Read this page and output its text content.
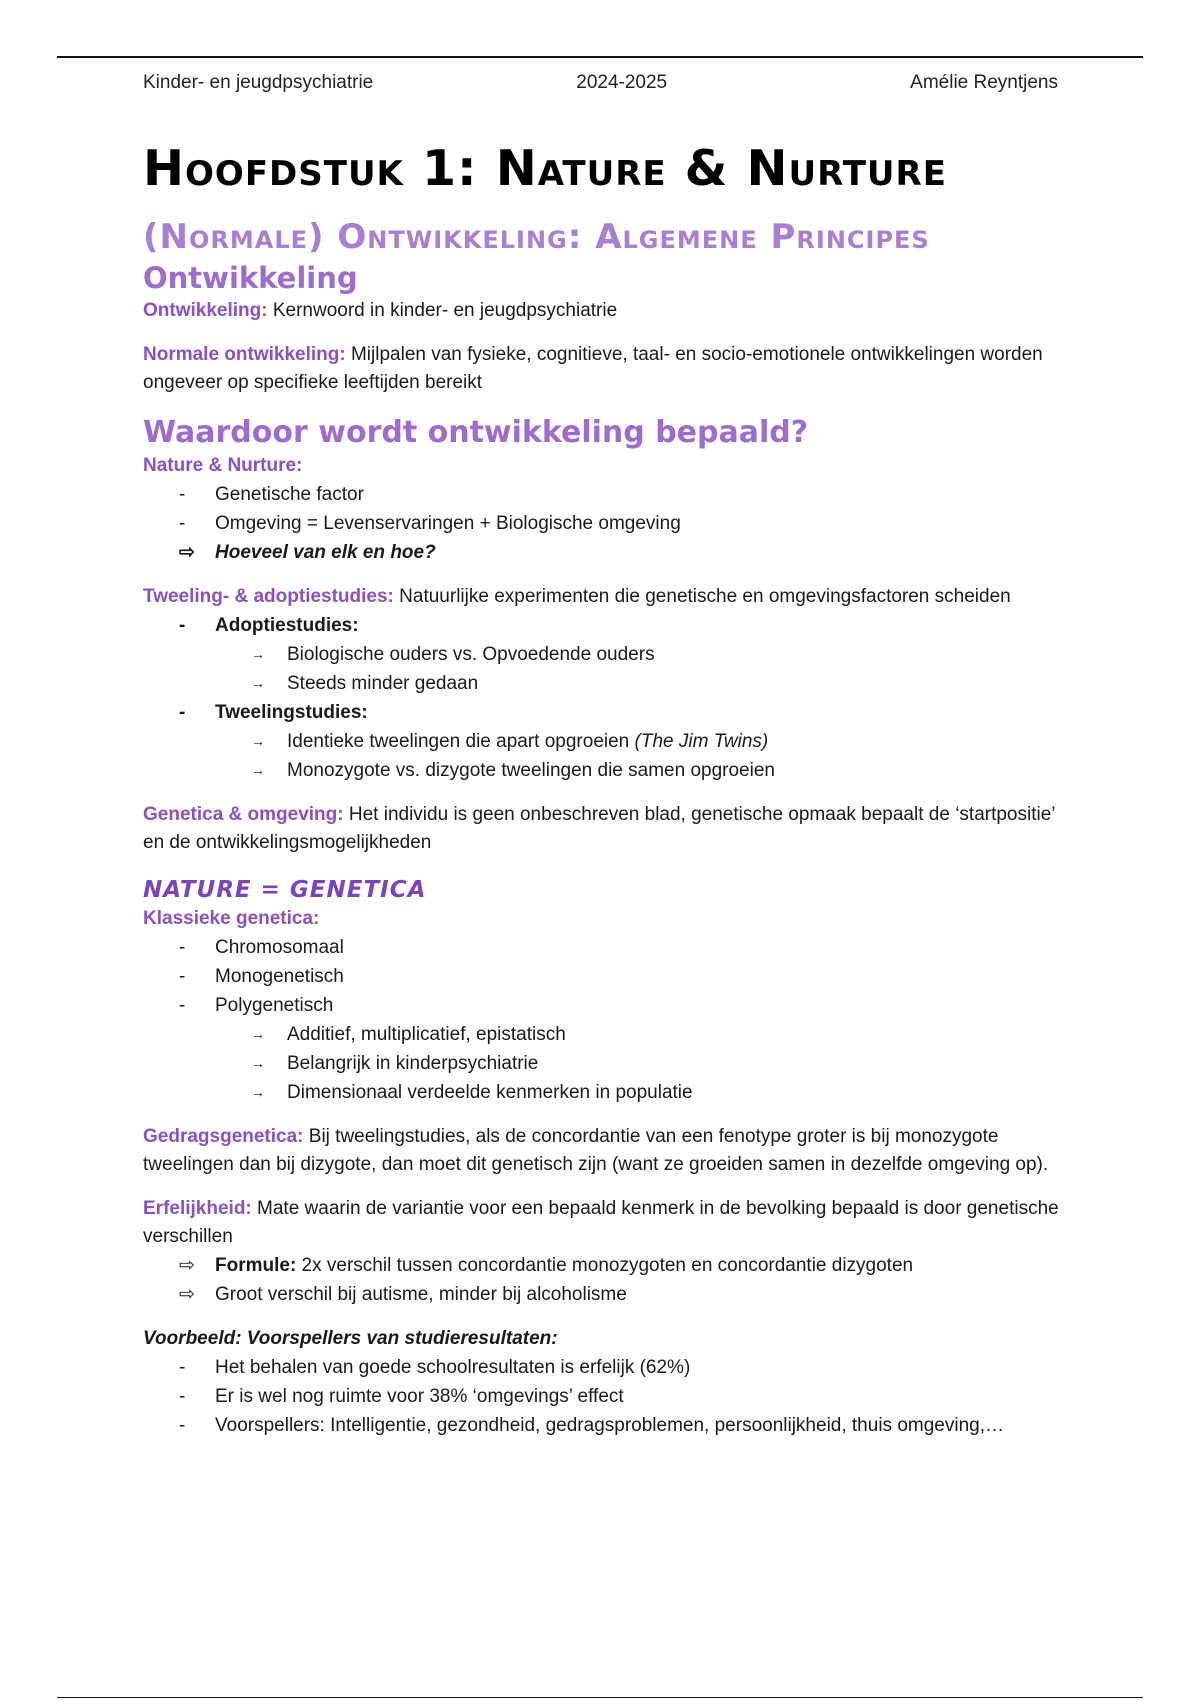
Kinder- en jeugdpsychiatrie	2024-2025	Amélie Reyntjens
Hoofdstuk 1: Nature & Nurture
(Normale) Ontwikkeling: Algemene Principes
Ontwikkeling

Ontwikkeling: Kernwoord in kinder- en jeugdpsychiatrie

Normale ontwikkeling: Mijlpalen van fysieke, cognitieve, taal- en socio-emotionele ontwikkelingen worden ongeveer op specifieke leeftijden bereikt

Waardoor wordt ontwikkeling bepaald?
Nature & Nurture:
- Genetische factor
- Omgeving = Levenservaringen + Biologische omgeving
⇨ Hoeveel van elk en hoe?

Tweeling- & adoptiestudies: Natuurlijke experimenten die genetische en omgevingsfactoren scheiden

- Adoptiestudies:
→ Biologische ouders vs. Opvoedende ouders
→ Steeds minder gedaan
- Tweelingstudies:
→ Identieke tweelingen die apart opgroeien (The Jim Twins)
→ Monozygote vs. dizygote tweelingen die samen opgroeien

Genetica & omgeving: Het individu is geen onbeschreven blad, genetische opmaak bepaalt de ‘startpositie’ en de ontwikkelingsmogelijkheden

NATURE = GENETICA
Klassieke genetica:
- Chromosomaal
- Monogenetisch
- Polygenetisch
→ Additief, multiplicatief, epistatisch
→ Belangrijk in kinderpsychiatrie
→ Dimensionaal verdeelde kenmerken in populatie

Gedragsgenetica: Bij tweelingstudies, als de concordantie van een fenotype groter is bij monozygote tweelingen dan bij dizygote, dan moet dit genetisch zijn (want ze groeiden samen in dezelfde omgeving op).

Erfelijkheid: Mate waarin de variantie voor een bepaald kenmerk in de bevolking bepaald is door genetische verschillen

⇨ Formule: 2x verschil tussen concordantie monozygoten en concordantie dizygoten
⇨ Groot verschil bij autisme, minder bij alcoholisme

Voorbeeld: Voorspellers van studieresultaten:

- Het behalen van goede schoolresultaten is erfelijk (62%)
- Er is wel nog ruimte voor 38% ‘omgevings’ effect
- Voorspellers: Intelligentie, gezondheid, gedragsproblemen, persoonlijkheid, thuis omgeving,…
